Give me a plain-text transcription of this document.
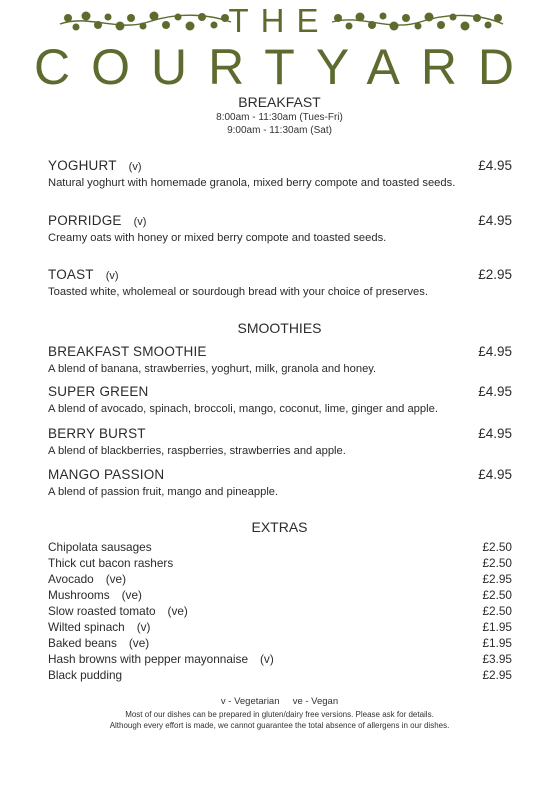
THE
COURTYARD
BREAKFAST
8:00am - 11:30am (Tues-Fri)
9:00am - 11:30am (Sat)
YOGHURT (v)	£4.95
Natural yoghurt with homemade granola, mixed berry compote and toasted seeds.
PORRIDGE (v)	£4.95
Creamy oats with honey or mixed berry compote and toasted seeds.
TOAST (v)	£2.95
Toasted white, wholemeal or sourdough bread with your choice of preserves.
SMOOTHIES
BREAKFAST SMOOTHIE	£4.95
A blend of banana, strawberries, yoghurt, milk, granola and honey.
SUPER GREEN	£4.95
A blend of avocado, spinach, broccoli, mango, coconut, lime, ginger and apple.
BERRY BURST	£4.95
A blend of blackberries, raspberries, strawberries and apple.
MANGO PASSION	£4.95
A blend of passion fruit, mango and pineapple.
EXTRAS
Chipolata sausages	£2.50
Thick cut bacon rashers	£2.50
Avocado (ve)	£2.95
Mushrooms (ve)	£2.50
Slow roasted tomato (ve)	£2.50
Wilted spinach (v)	£1.95
Baked beans (ve)	£1.95
Hash browns with pepper mayonnaise (v)	£3.95
Black pudding	£2.95
v - Vegetarian     ve - Vegan
Most of our dishes can be prepared in gluten/dairy free versions. Please ask for details.
Although every effort is made, we cannot guarantee the total absence of allergens in our dishes.
